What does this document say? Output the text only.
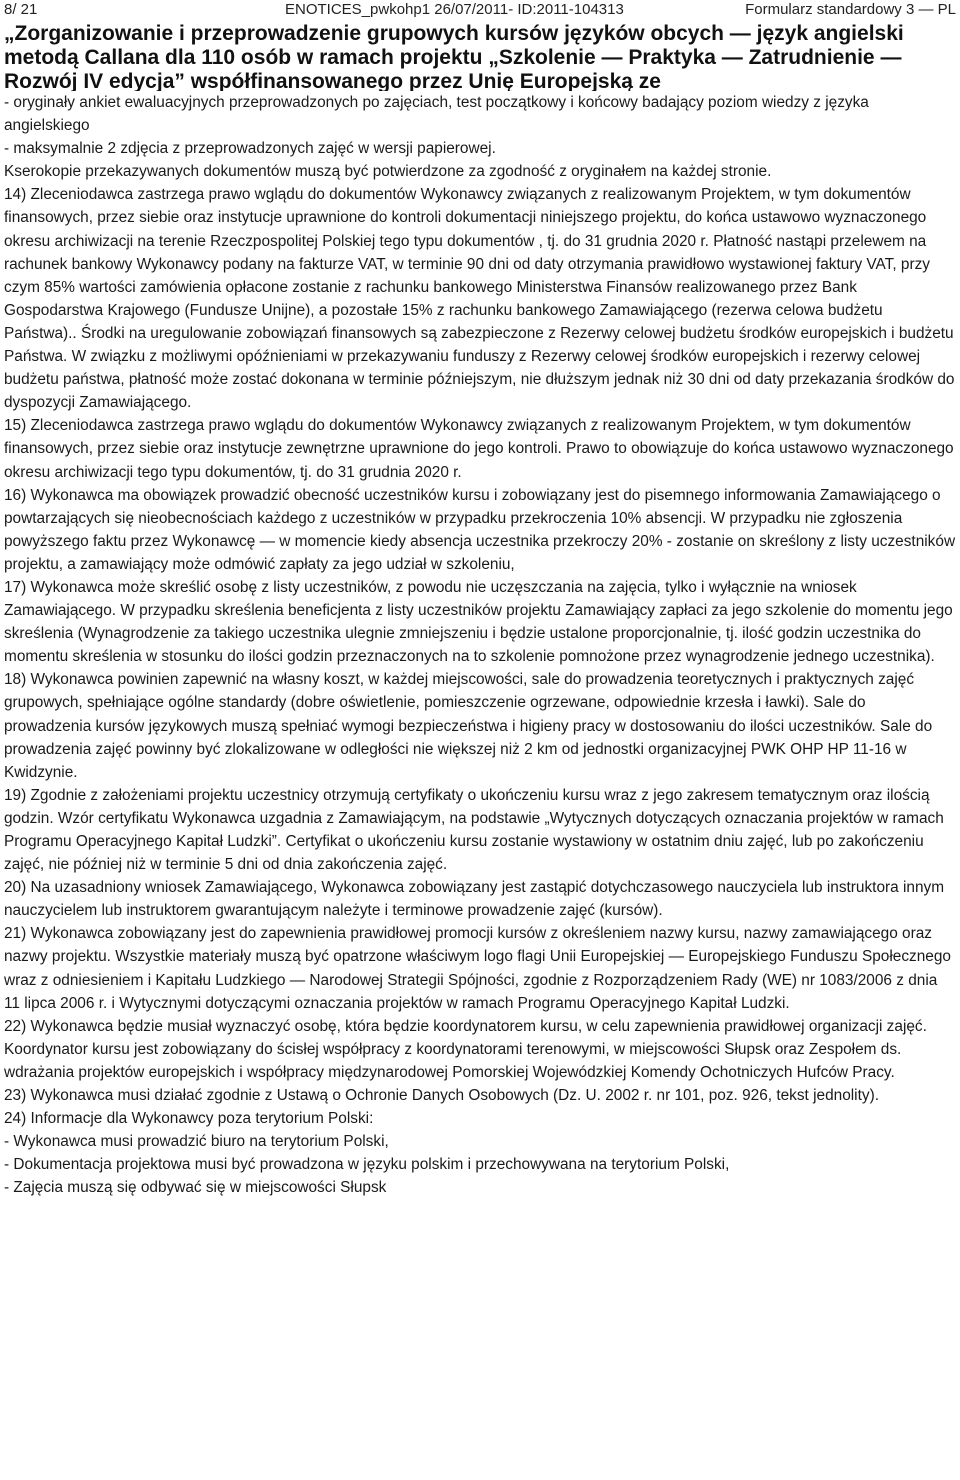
8/ 21	ENOTICES_pwkohp1 26/07/2011- ID:2011-104313	Formularz standardowy 3 — PL
„Zorganizowanie i przeprowadzenie grupowych kursów języków obcych — język angielski metodą Callana dla 110 osób w ramach projektu „Szkolenie — Praktyka — Zatrudnienie — Rozwój IV edycja” współfinansowanego przez Unię Europejską ze

- oryginały ankiet ewaluacyjnych przeprowadzonych po zajęciach, test początkowy i końcowy badający poziom wiedzy z języka angielskiego

- maksymalnie 2 zdjęcia z przeprowadzonych zajęć w wersji papierowej.

Kserokopie przekazywanych dokumentów muszą być potwierdzone za zgodność z oryginałem na każdej stronie.

14) Zleceniodawca zastrzega prawo wglądu do dokumentów Wykonawcy związanych z realizowanym Projektem, w tym dokumentów finansowych, przez siebie oraz instytucje uprawnione do kontroli dokumentacji niniejszego projektu, do końca ustawowo wyznaczonego okresu archiwizacji na terenie Rzeczpospolitej Polskiej tego typu dokumentów , tj. do 31 grudnia 2020 r. Płatność nastąpi przelewem na rachunek bankowy Wykonawcy podany na fakturze VAT, w terminie 90 dni od daty otrzymania prawidłowo wystawionej faktury VAT, przy czym 85% wartości zamówienia opłacone zostanie z rachunku bankowego Ministerstwa Finansów realizowanego przez Bank Gospodarstwa Krajowego (Fundusze Unijne), a pozostałe 15% z rachunku bankowego Zamawiającego (rezerwa celowa budżetu Państwa).. Środki na uregulowanie zobowiązań finansowych są zabezpieczone z Rezerwy celowej budżetu środków europejskich i budżetu Państwa. W związku z możliwymi opóźnieniami w przekazywaniu funduszy z Rezerwy celowej środków europejskich i rezerwy celowej budżetu państwa, płatność może zostać dokonana w terminie późniejszym, nie dłuższym jednak niż 30 dni od daty przekazania środków do dyspozycji Zamawiającego.

15) Zleceniodawca zastrzega prawo wglądu do dokumentów Wykonawcy związanych z realizowanym Projektem, w tym dokumentów finansowych, przez siebie oraz instytucje zewnętrzne uprawnione do jego kontroli. Prawo to obowiązuje do końca ustawowo wyznaczonego okresu archiwizacji tego typu dokumentów, tj. do 31 grudnia 2020 r.

16) Wykonawca ma obowiązek prowadzić obecność uczestników kursu i zobowiązany jest do pisemnego informowania Zamawiającego o powtarzających się nieobecnościach każdego z uczestników w przypadku przekroczenia 10% absencji. W przypadku nie zgłoszenia powyższego faktu przez Wykonawcę — w momencie kiedy absencja uczestnika przekroczy 20% - zostanie on skreślony z listy uczestników projektu, a zamawiający może odmówić zapłaty za jego udział w szkoleniu,

17) Wykonawca może skreślić osobę z listy uczestników, z powodu nie uczęszczania na zajęcia, tylko i wyłącznie na wniosek Zamawiającego. W przypadku skreślenia beneficjenta z listy uczestników projektu Zamawiający zapłaci za jego szkolenie do momentu jego skreślenia (Wynagrodzenie za takiego uczestnika ulegnie zmniejszeniu i będzie ustalone proporcjonalnie, tj. ilość godzin uczestnika do momentu skreślenia w stosunku do ilości godzin przeznaczonych na to szkolenie pomnożone przez wynagrodzenie jednego uczestnika).

18) Wykonawca powinien zapewnić na własny koszt, w każdej miejscowości, sale do prowadzenia teoretycznych i praktycznych zajęć grupowych, spełniające ogólne standardy (dobre oświetlenie, pomieszczenie ogrzewane, odpowiednie krzesła i ławki). Sale do prowadzenia kursów językowych muszą spełniać wymogi bezpieczeństwa i higieny pracy w dostosowaniu do ilości uczestników. Sale do prowadzenia zajęć powinny być zlokalizowane w odległości nie większej niż 2 km od jednostki organizacyjnej PWK OHP HP 11-16 w Kwidzynie.

19) Zgodnie z założeniami projektu uczestnicy otrzymują certyfikaty o ukończeniu kursu wraz z jego zakresem tematycznym oraz ilością godzin. Wzór certyfikatu Wykonawca uzgadnia z Zamawiającym, na podstawie „Wytycznych dotyczących oznaczania projektów w ramach Programu Operacyjnego Kapitał Ludzki”. Certyfikat o ukończeniu kursu zostanie wystawiony w ostatnim dniu zajęć, lub po zakończeniu zajęć, nie później niż w terminie 5 dni od dnia zakończenia zajęć.

20) Na uzasadniony wniosek Zamawiającego, Wykonawca zobowiązany jest zastąpić dotychczasowego nauczyciela lub instruktora innym nauczycielem lub instruktorem gwarantującym należyte i terminowe prowadzenie zajęć (kursów).

21) Wykonawca zobowiązany jest do zapewnienia prawidłowej promocji kursów z określeniem nazwy kursu, nazwy zamawiającego oraz nazwy projektu. Wszystkie materiały muszą być opatrzone właściwym logo flagi Unii Europejskiej — Europejskiego Funduszu Społecznego wraz z odniesieniem i Kapitału Ludzkiego — Narodowej Strategii Spójności, zgodnie z Rozporządzeniem Rady (WE) nr 1083/2006 z dnia 11 lipca 2006 r. i Wytycznymi dotyczącymi oznaczania projektów w ramach Programu Operacyjnego Kapitał Ludzki.

22) Wykonawca będzie musiał wyznaczyć osobę, która będzie koordynatorem kursu, w celu zapewnienia prawidłowej organizacji zajęć. Koordynator kursu jest zobowiązany do ścisłej współpracy z koordynatorami terenowymi, w miejscowości Słupsk oraz Zespołem ds. wdrażania projektów europejskich i współpracy międzynarodowej Pomorskiej Wojewódzkiej Komendy Ochotniczych Hufców Pracy.

23) Wykonawca musi działać zgodnie z Ustawą o Ochronie Danych Osobowych (Dz. U. 2002 r. nr 101, poz. 926, tekst jednolity).

24) Informacje dla Wykonawcy poza terytorium Polski:

- Wykonawca musi prowadzić biuro na terytorium Polski,

- Dokumentacja projektowa musi być prowadzona w języku polskim i przechowywana na terytorium Polski,

- Zajęcia muszą się odbywać się w miejscowości Słupsk
